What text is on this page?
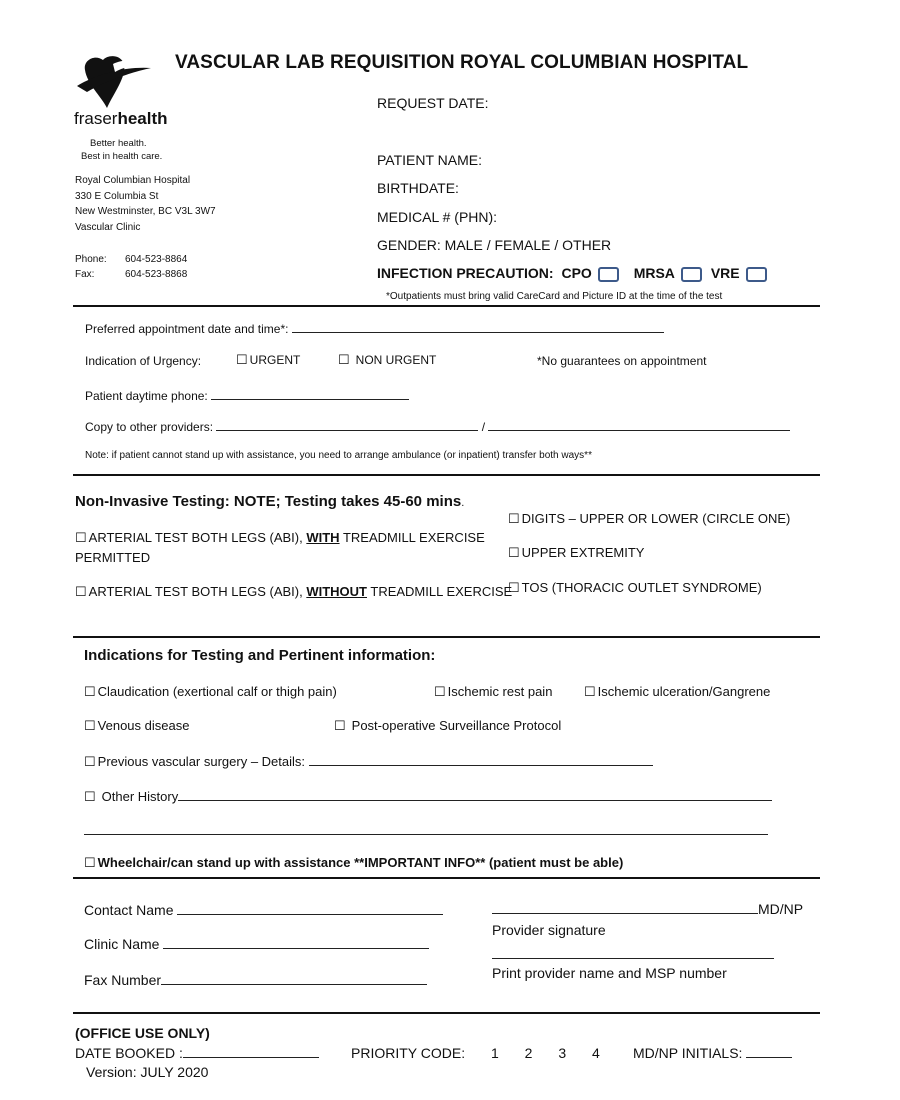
fraserhealth
Better health.
Best in health care.
VASCULAR LAB REQUISITION ROYAL COLUMBIAN HOSPITAL
Royal Columbian Hospital
330 E Columbia St
New Westminster, BC V3L 3W7
Vascular Clinic
Phone: 604-523-8864
Fax:	604-523-8868
REQUEST DATE:
PATIENT NAME:
BIRTHDATE:
MEDICAL # (PHN):
GENDER: MALE / FEMALE / OTHER
INFECTION PRECAUTION: CPO	MRSA	VRE
*Outpatients must bring valid CareCard and Picture ID at the time of the test
Preferred appointment date and time*:
Indication of Urgency:	☐ URGENT	☐ NON URGENT	*No guarantees on appointment
Patient daytime phone:
Copy to other providers:	/
Note: if patient cannot stand up with assistance, you need to arrange ambulance (or inpatient) transfer both ways**
Non-Invasive Testing: NOTE; Testing takes 45-60 mins.
☐ ARTERIAL TEST BOTH LEGS (ABI), WITH TREADMILL EXERCISE
PERMITTED
☐ ARTERIAL TEST BOTH LEGS (ABI), WITHOUT TREADMILL EXERCISE
☐ DIGITS – UPPER OR LOWER (CIRCLE ONE)
☐ UPPER EXTREMITY
☐ TOS (THORACIC OUTLET SYNDROME)
Indications for Testing and Pertinent information:
☐ Claudication (exertional calf or thigh pain)	☐ Ischemic rest pain ☐ Ischemic ulceration/Gangrene
☐ Venous disease	☐ Post-operative Surveillance Protocol
☐ Previous vascular surgery – Details:
☐ Other History
☐ Wheelchair/can stand up with assistance **IMPORTANT INFO** (patient must be able)
Contact Name
Clinic Name
Fax Number
MD/NP
Provider signature
Print provider name and MSP number
(OFFICE USE ONLY)
DATE BOOKED :	PRIORITY CODE: 1 2 3 4 MD/NP INITIALS:
Version: JULY 2020
